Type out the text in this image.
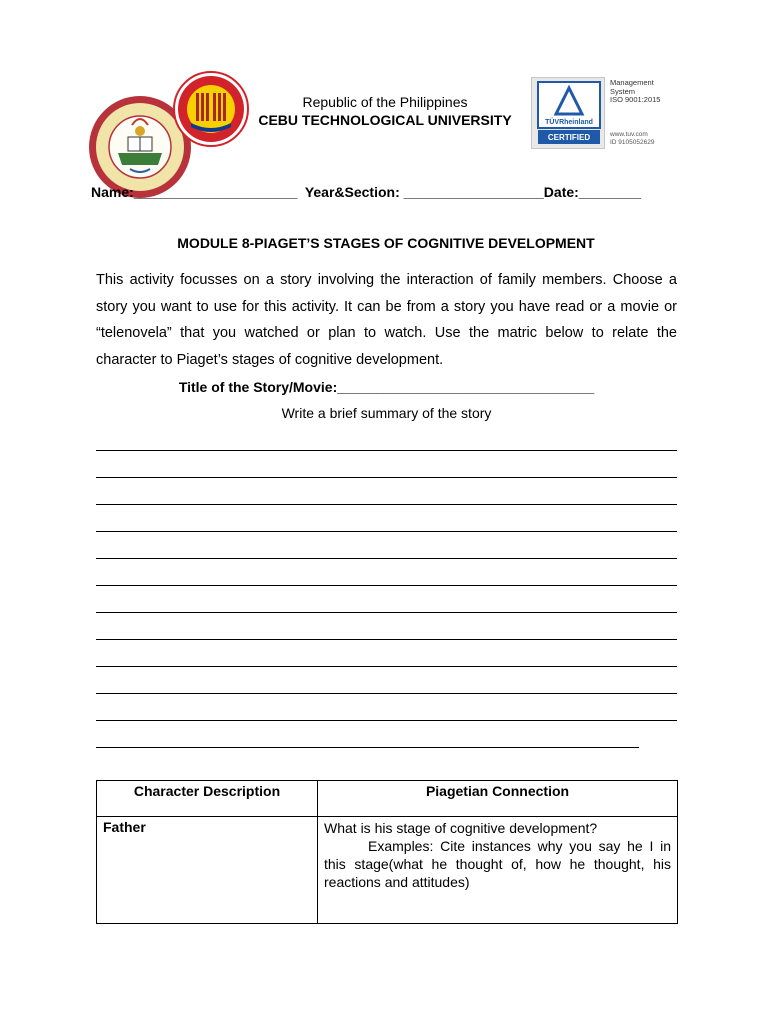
Republic of the Philippines
CEBU TECHNOLOGICAL UNIVERSITY	TÜVRheinland
CERTIFIED
Management
System
ISO 9001:2015
www.tuv.com
ID 9105052629
Name:_____________________  Year&Section: __________________Date:________
MODULE 8-PIAGET’S STAGES OF COGNITIVE DEVELOPMENT
This activity focusses on a story involving the interaction of family members. Choose a story you want to use for this activity. It can be from a story you have read or a movie or “telenovela” that you watched or plan to watch. Use the matric below to relate the character to Piaget’s stages of cognitive development.
Title of the Story/Movie:_________________________________
Write a brief summary of the story
Character Description	Piagetian Connection
Father	What is his stage of cognitive development?
Examples: Cite instances why you say he I in this stage(what he thought of, how he thought, his reactions and attitudes)
